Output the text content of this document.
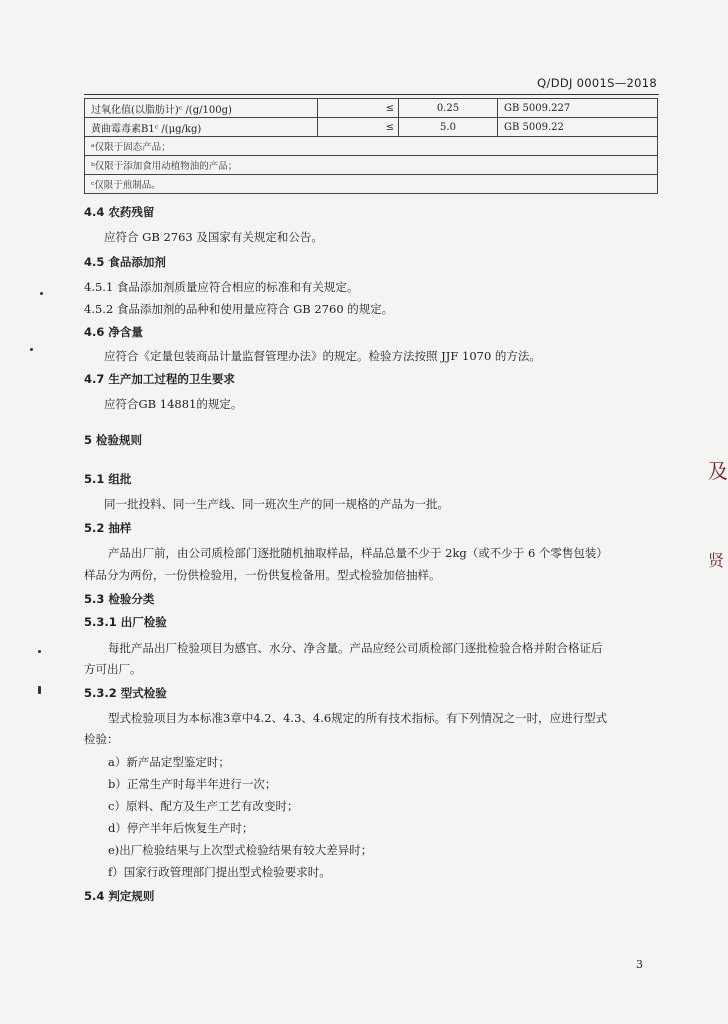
Q/DDJ 0001S—2018
过氧化值(以脂肪计)ᶜ /(g/100g)	≤	0.25	GB 5009.227
黄曲霉毒素B1ᶜ /(μg/kg)	≤	5.0	GB 5009.22
ᵃ仅限于固态产品；			
ᵇ仅限于添加食用动植物油的产品；			
ᶜ仅限于煎制品。			
4.4 农药残留
应符合 GB 2763 及国家有关规定和公告。
4.5 食品添加剂
4.5.1 食品添加剂质量应符合相应的标准和有关规定。
4.5.2 食品添加剂的品种和使用量应符合 GB 2760 的规定。
4.6 净含量
应符合《定量包装商品计量监督管理办法》的规定。检验方法按照 JJF 1070 的方法。
4.7 生产加工过程的卫生要求
应符合GB 14881的规定。
5 检验规则
5.1 组批
同一批投料、同一生产线、同一班次生产的同一规格的产品为一批。
5.2 抽样
产品出厂前，由公司质检部门逐批随机抽取样品，样品总量不少于 2kg（或不少于 6 个零售包装）
样品分为两份，一份供检验用，一份供复检备用。型式检验加倍抽样。
5.3 检验分类
5.3.1 出厂检验
每批产品出厂检验项目为感官、水分、净含量。产品应经公司质检部门逐批检验合格并附合格证后
方可出厂。
5.3.2 型式检验
型式检验项目为本标准3章中4.2、4.3、4.6规定的所有技术指标。有下列情况之一时，应进行型式
检验：
a）新产品定型鉴定时；
b）正常生产时每半年进行一次；
c）原料、配方及生产工艺有改变时；
d）停产半年后恢复生产时；
e)出厂检验结果与上次型式检验结果有较大差异时；
f）国家行政管理部门提出型式检验要求时。
5.4 判定规则
3
及
贤
